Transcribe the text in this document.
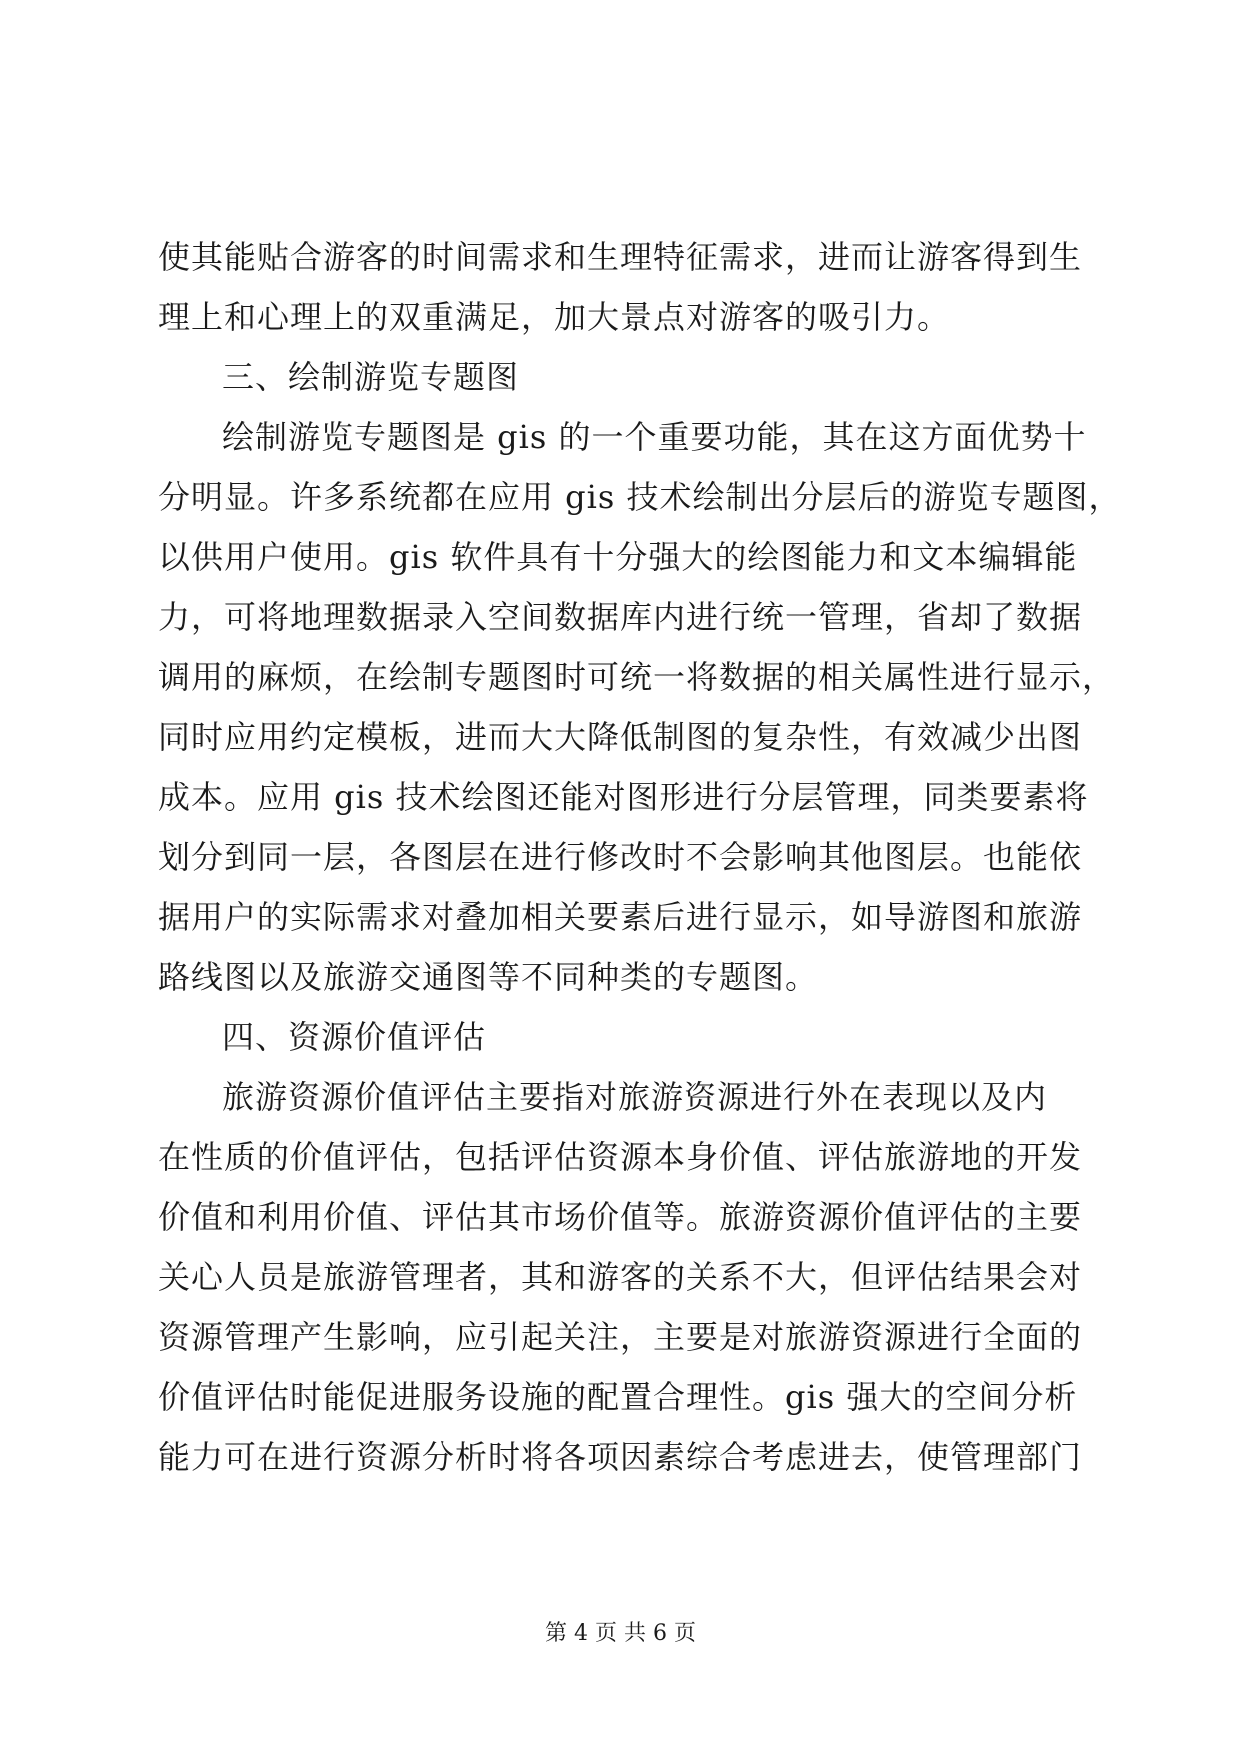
使其能贴合游客的时间需求和生理特征需求，进而让游客得到生
理上和心理上的双重满足，加大景点对游客的吸引力。
三、绘制游览专题图
绘制游览专题图是 gis 的一个重要功能，其在这方面优势十
分明显。许多系统都在应用 gis 技术绘制出分层后的游览专题图，
以供用户使用。gis 软件具有十分强大的绘图能力和文本编辑能
力，可将地理数据录入空间数据库内进行统一管理，省却了数据
调用的麻烦，在绘制专题图时可统一将数据的相关属性进行显示，
同时应用约定模板，进而大大降低制图的复杂性，有效减少出图
成本。应用 gis 技术绘图还能对图形进行分层管理，同类要素将
划分到同一层，各图层在进行修改时不会影响其他图层。也能依
据用户的实际需求对叠加相关要素后进行显示，如导游图和旅游
路线图以及旅游交通图等不同种类的专题图。
四、资源价值评估
旅游资源价值评估主要指对旅游资源进行外在表现以及内
在性质的价值评估，包括评估资源本身价值、评估旅游地的开发
价值和利用价值、评估其市场价值等。旅游资源价值评估的主要
关心人员是旅游管理者，其和游客的关系不大，但评估结果会对
资源管理产生影响，应引起关注，主要是对旅游资源进行全面的
价值评估时能促进服务设施的配置合理性。gis 强大的空间分析
能力可在进行资源分析时将各项因素综合考虑进去，使管理部门
第 4 页 共 6 页
